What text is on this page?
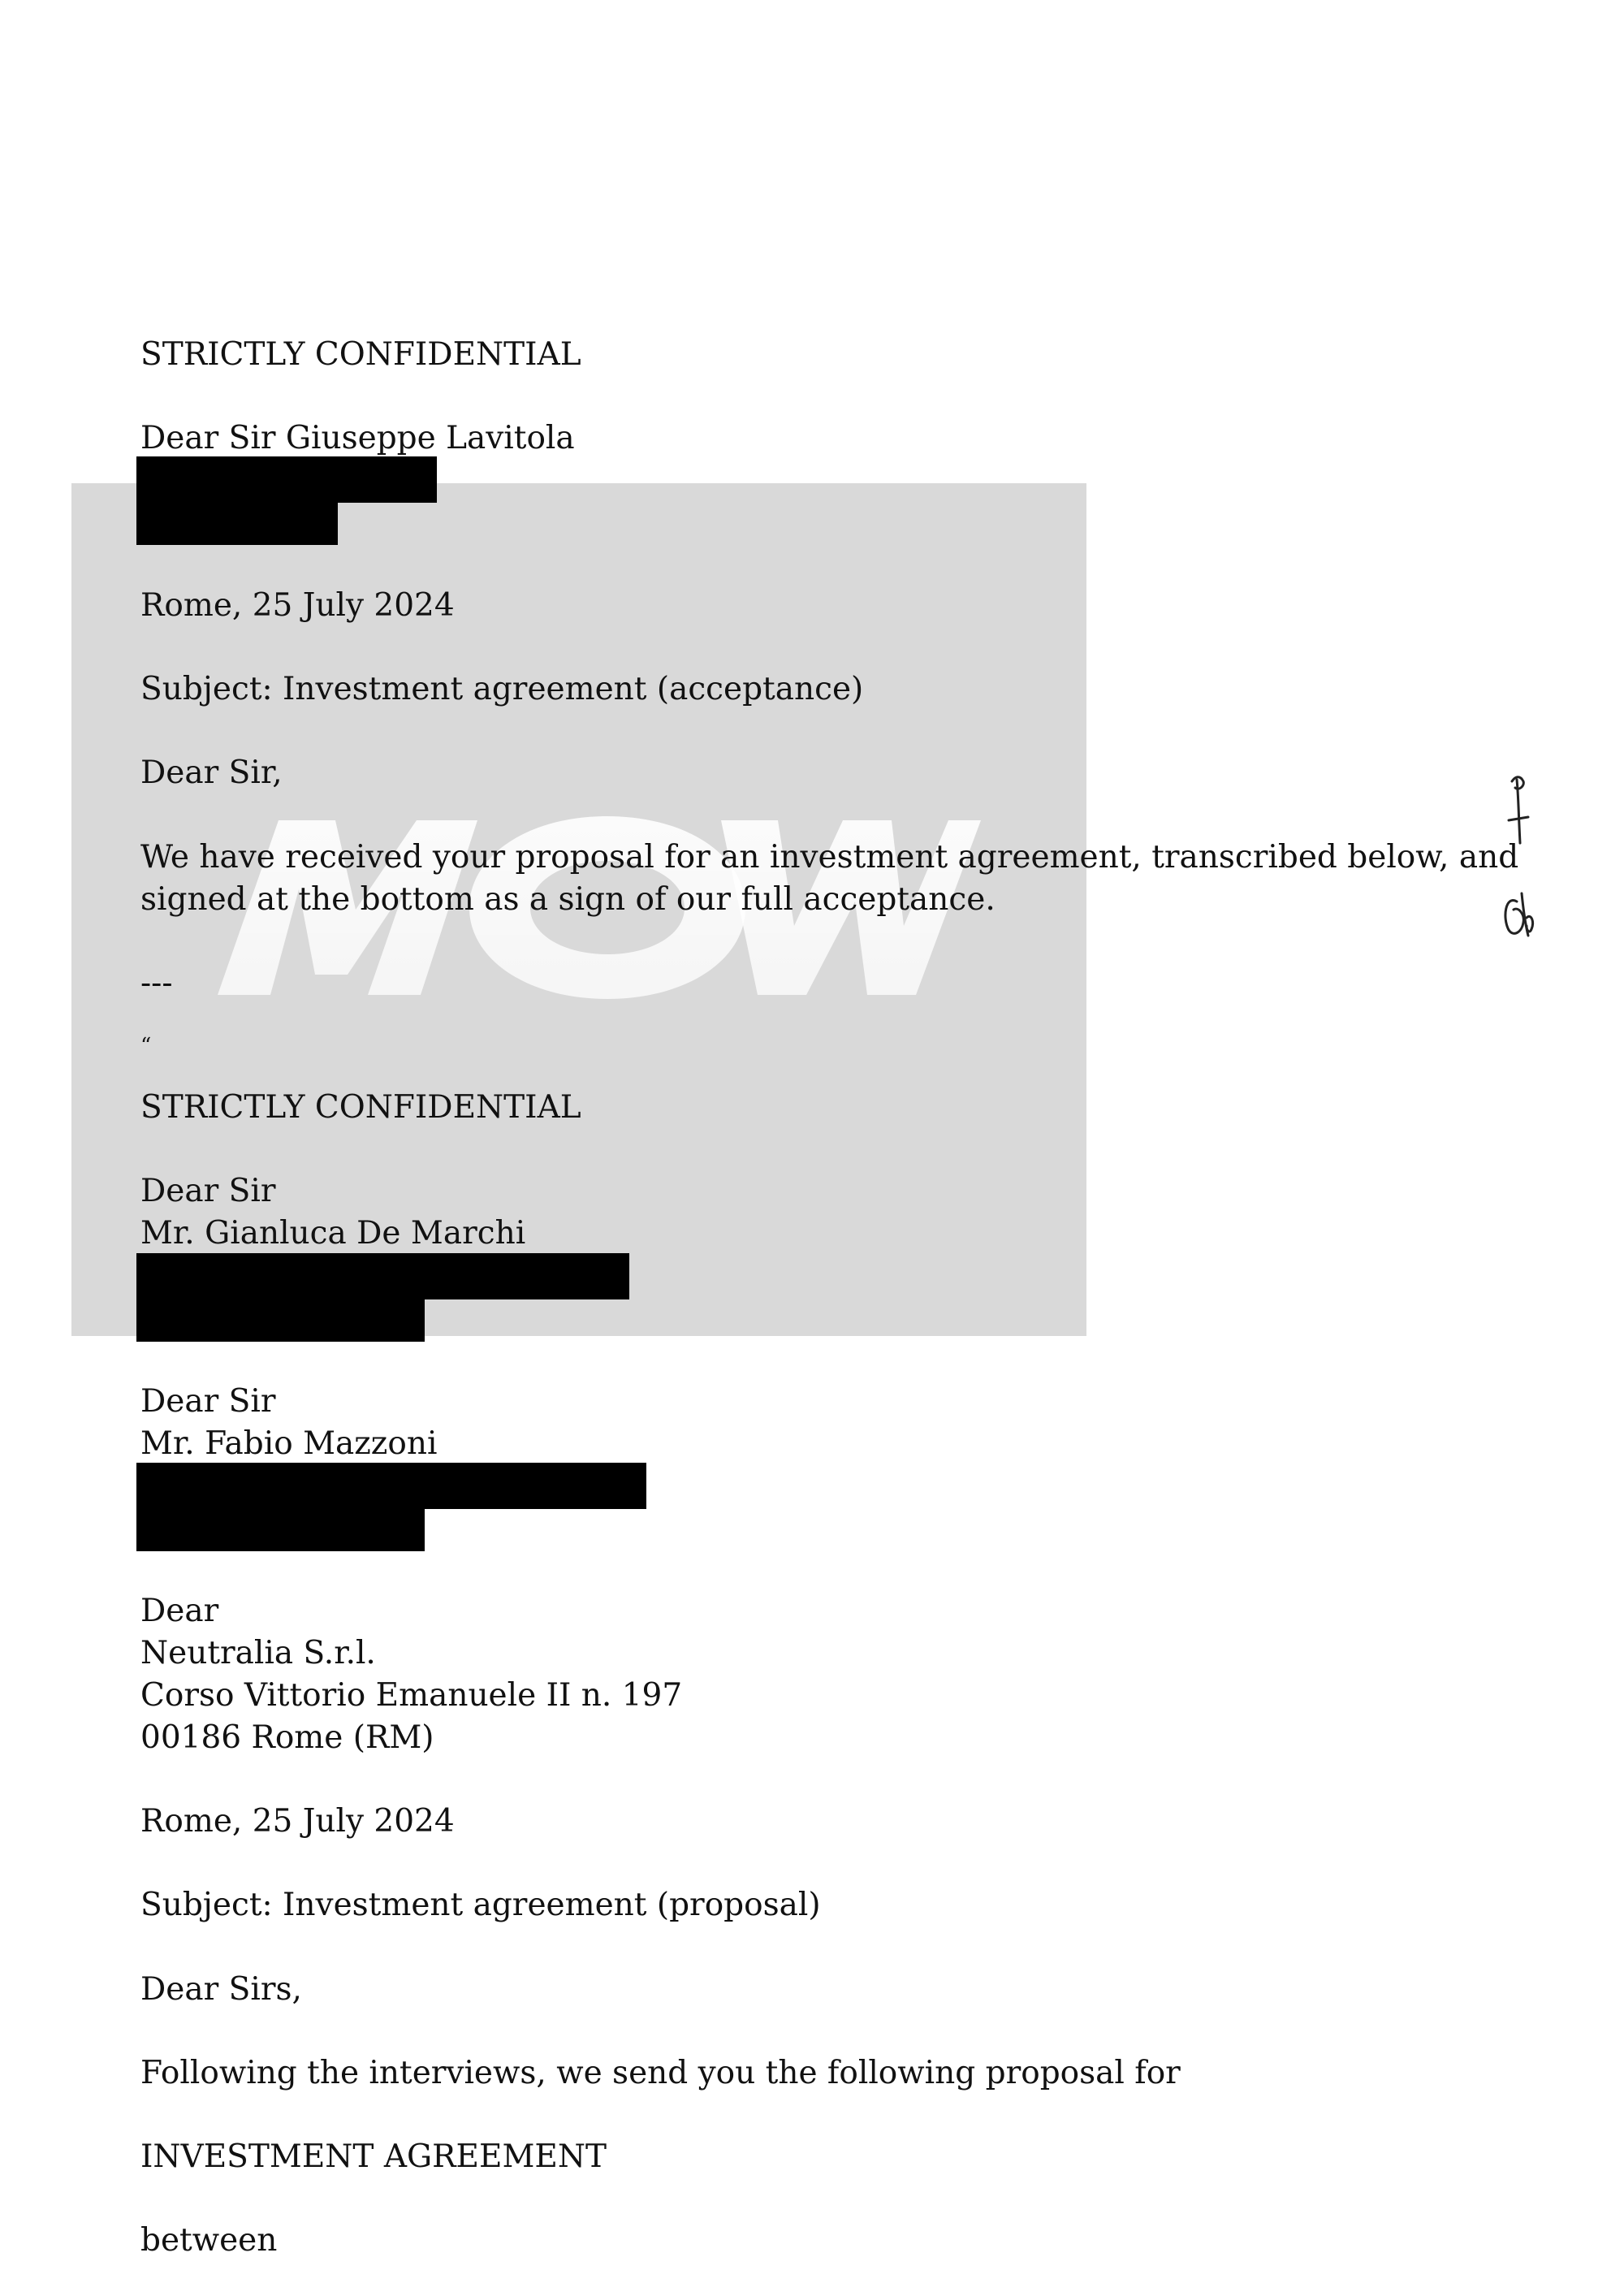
STRICTLY CONFIDENTIAL

Dear Sir Giuseppe Lavitola

Rome, 25 July 2024

Subject: Investment agreement (acceptance)

Dear Sir,

We have received your proposal for an investment agreement, transcribed below, and

signed at the bottom as a sign of our full acceptance.

---

“

STRICTLY CONFIDENTIAL

Dear Sir

Mr. Gianluca De Marchi

Dear Sir

Mr. Fabio Mazzoni

Dear

Neutralia S.r.l.

Corso Vittorio Emanuele II n. 197

00186 Rome (RM)

Rome, 25 July 2024

Subject: Investment agreement (proposal)

Dear Sirs,

Following the interviews, we send you the following proposal for

INVESTMENT AGREEMENT

between
